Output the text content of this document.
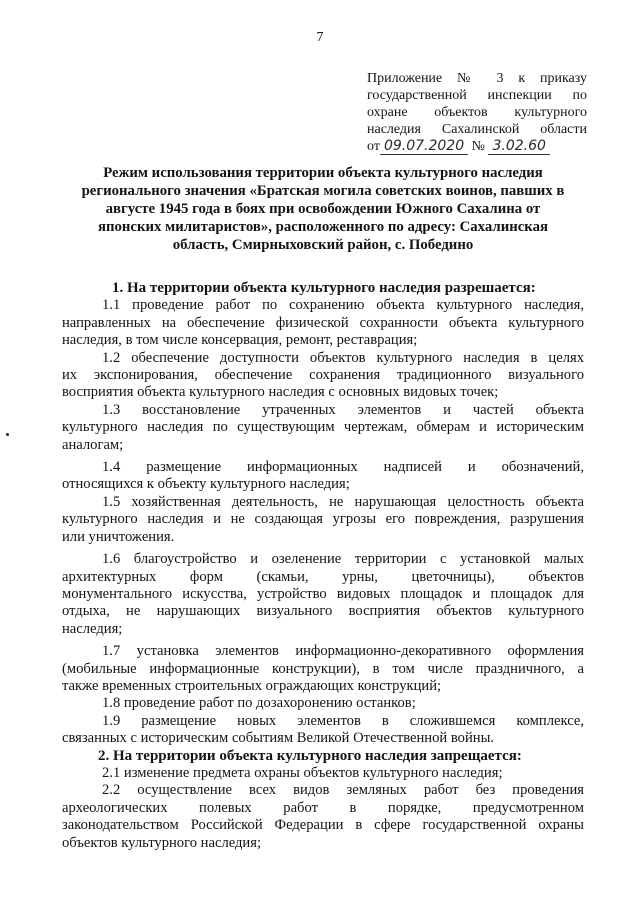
7
Приложение № 3 к приказу
государственной инспекции по
охране объектов культурного
наследия Сахалинской области
от 09.07.2020 № 3.02.60
Режим использования территории объекта культурного наследия
регионального значения «Братская могила советских воинов, павших в
августе 1945 года в боях при освобождении Южного Сахалина от
японских милитаристов», расположенного по адресу: Сахалинская
область, Смирныховский район, с. Победино
1. На территории объекта культурного наследия разрешается:
1.1 проведение работ по сохранению объекта культурного наследия,
направленных на обеспечение физической сохранности объекта культурного
наследия, в том числе консервация, ремонт, реставрация;
1.2 обеспечение доступности объектов культурного наследия в целях
их экспонирования, обеспечение сохранения традиционного визуального
восприятия объекта культурного наследия с основных видовых точек;
1.3 восстановление утраченных элементов и частей объекта
культурного наследия по существующим чертежам, обмерам и историческим
аналогам;
1.4 размещение информационных надписей и обозначений,
относящихся к объекту культурного наследия;
1.5 хозяйственная деятельность, не нарушающая целостность объекта
культурного наследия и не создающая угрозы его повреждения, разрушения
или уничтожения.
1.6 благоустройство и озеленение территории с установкой малых
архитектурных форм (скамьи, урны, цветочницы), объектов
монументального искусства, устройство видовых площадок и площадок для
отдыха, не нарушающих визуального восприятия объектов культурного
наследия;
1.7 установка элементов информационно-декоративного оформления
(мобильные информационные конструкции), в том числе праздничного, а
также временных строительных ограждающих конструкций;
1.8 проведение работ по дозахоронению останков;
1.9 размещение новых элементов в сложившемся комплексе,
связанных с историческим событиям Великой Отечественной войны.
2. На территории объекта культурного наследия запрещается:
2.1 изменение предмета охраны объектов культурного наследия;
2.2 осуществление всех видов земляных работ без проведения
археологических полевых работ в порядке, предусмотренном
законодательством Российской Федерации в сфере государственной охраны
объектов культурного наследия;
